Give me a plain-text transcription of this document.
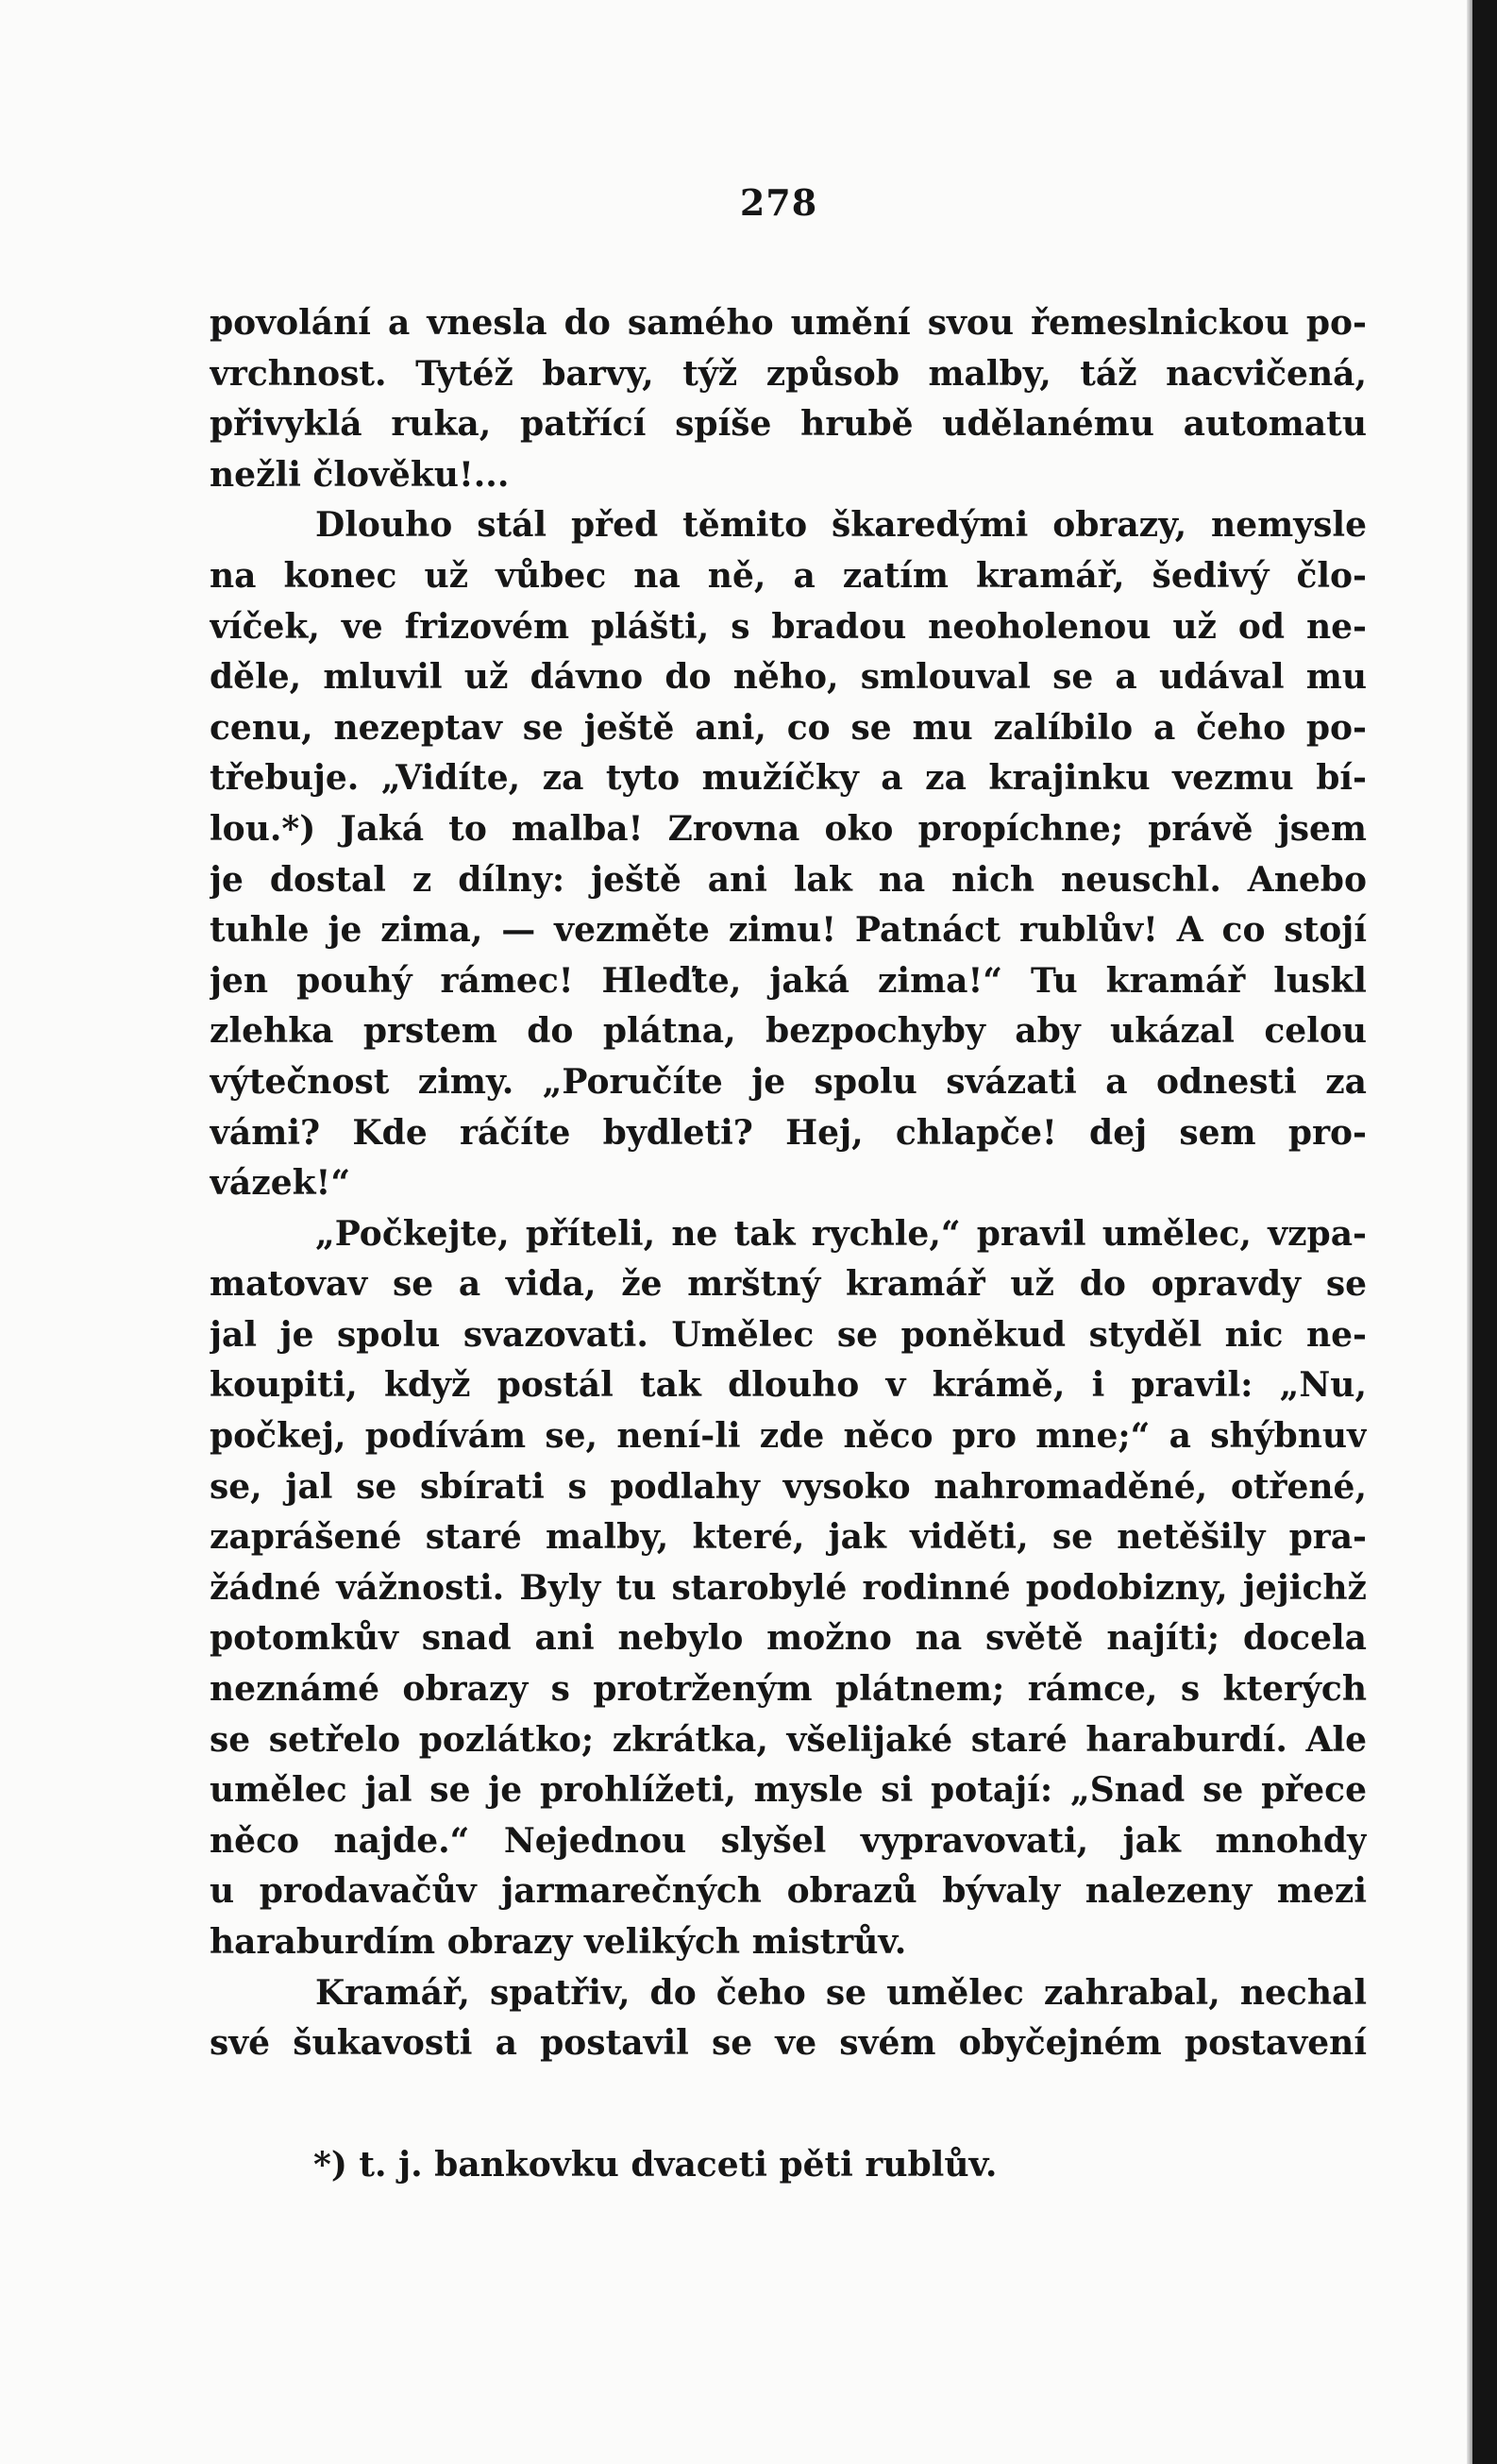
278
povolání a vnesla do samého umění svou řemeslnickou po-
vrchnost. Tytéž barvy, týž způsob malby, táž nacvičená,
přivyklá ruka, patřící spíše hrubě udělanému automatu
nežli člověku!...
Dlouho stál před těmito škaredými obrazy, nemysle
na konec už vůbec na ně, a zatím kramář, šedivý člo-
víček, ve frizovém plášti, s bradou neoholenou už od ne-
děle, mluvil už dávno do něho, smlouval se a udával mu
cenu, nezeptav se ještě ani, co se mu zalíbilo a čeho po-
třebuje. „Vidíte, za tyto mužíčky a za krajinku vezmu bí-
lou.*) Jaká to malba! Zrovna oko propíchne; právě jsem
je dostal z dílny: ještě ani lak na nich neuschl. Anebo
tuhle je zima, — vezměte zimu! Patnáct rublův! A co stojí
jen pouhý rámec! Hleďte, jaká zima!“ Tu kramář luskl
zlehka prstem do plátna, bezpochyby aby ukázal celou
výtečnost zimy. „Poručíte je spolu svázati a odnesti za
vámi? Kde ráčíte bydleti? Hej, chlapče! dej sem pro-
vázek!“
„Počkejte, příteli, ne tak rychle,“ pravil umělec, vzpa-
matovav se a vida, že mrštný kramář už do opravdy se
jal je spolu svazovati. Umělec se poněkud styděl nic ne-
koupiti, když postál tak dlouho v krámě, i pravil: „Nu,
počkej, podívám se, není-li zde něco pro mne;“ a shýbnuv
se, jal se sbírati s podlahy vysoko nahromaděné, otřené,
zaprášené staré malby, které, jak viděti, se netěšily pra-
žádné vážnosti. Byly tu starobylé rodinné podobizny, jejichž
potomkův snad ani nebylo možno na světě najíti; docela
neznámé obrazy s protrženým plátnem; rámce, s kterých
se setřelo pozlátko; zkrátka, všelijaké staré haraburdí. Ale
umělec jal se je prohlížeti, mysle si potají: „Snad se přece
něco najde.“ Nejednou slyšel vypravovati, jak mnohdy
u prodavačův jarmarečných obrazů bývaly nalezeny mezi
haraburdím obrazy velikých mistrův.
Kramář, spatřiv, do čeho se umělec zahrabal, nechal
své šukavosti a postavil se ve svém obyčejném postavení
*) t. j. bankovku dvaceti pěti rublův.
